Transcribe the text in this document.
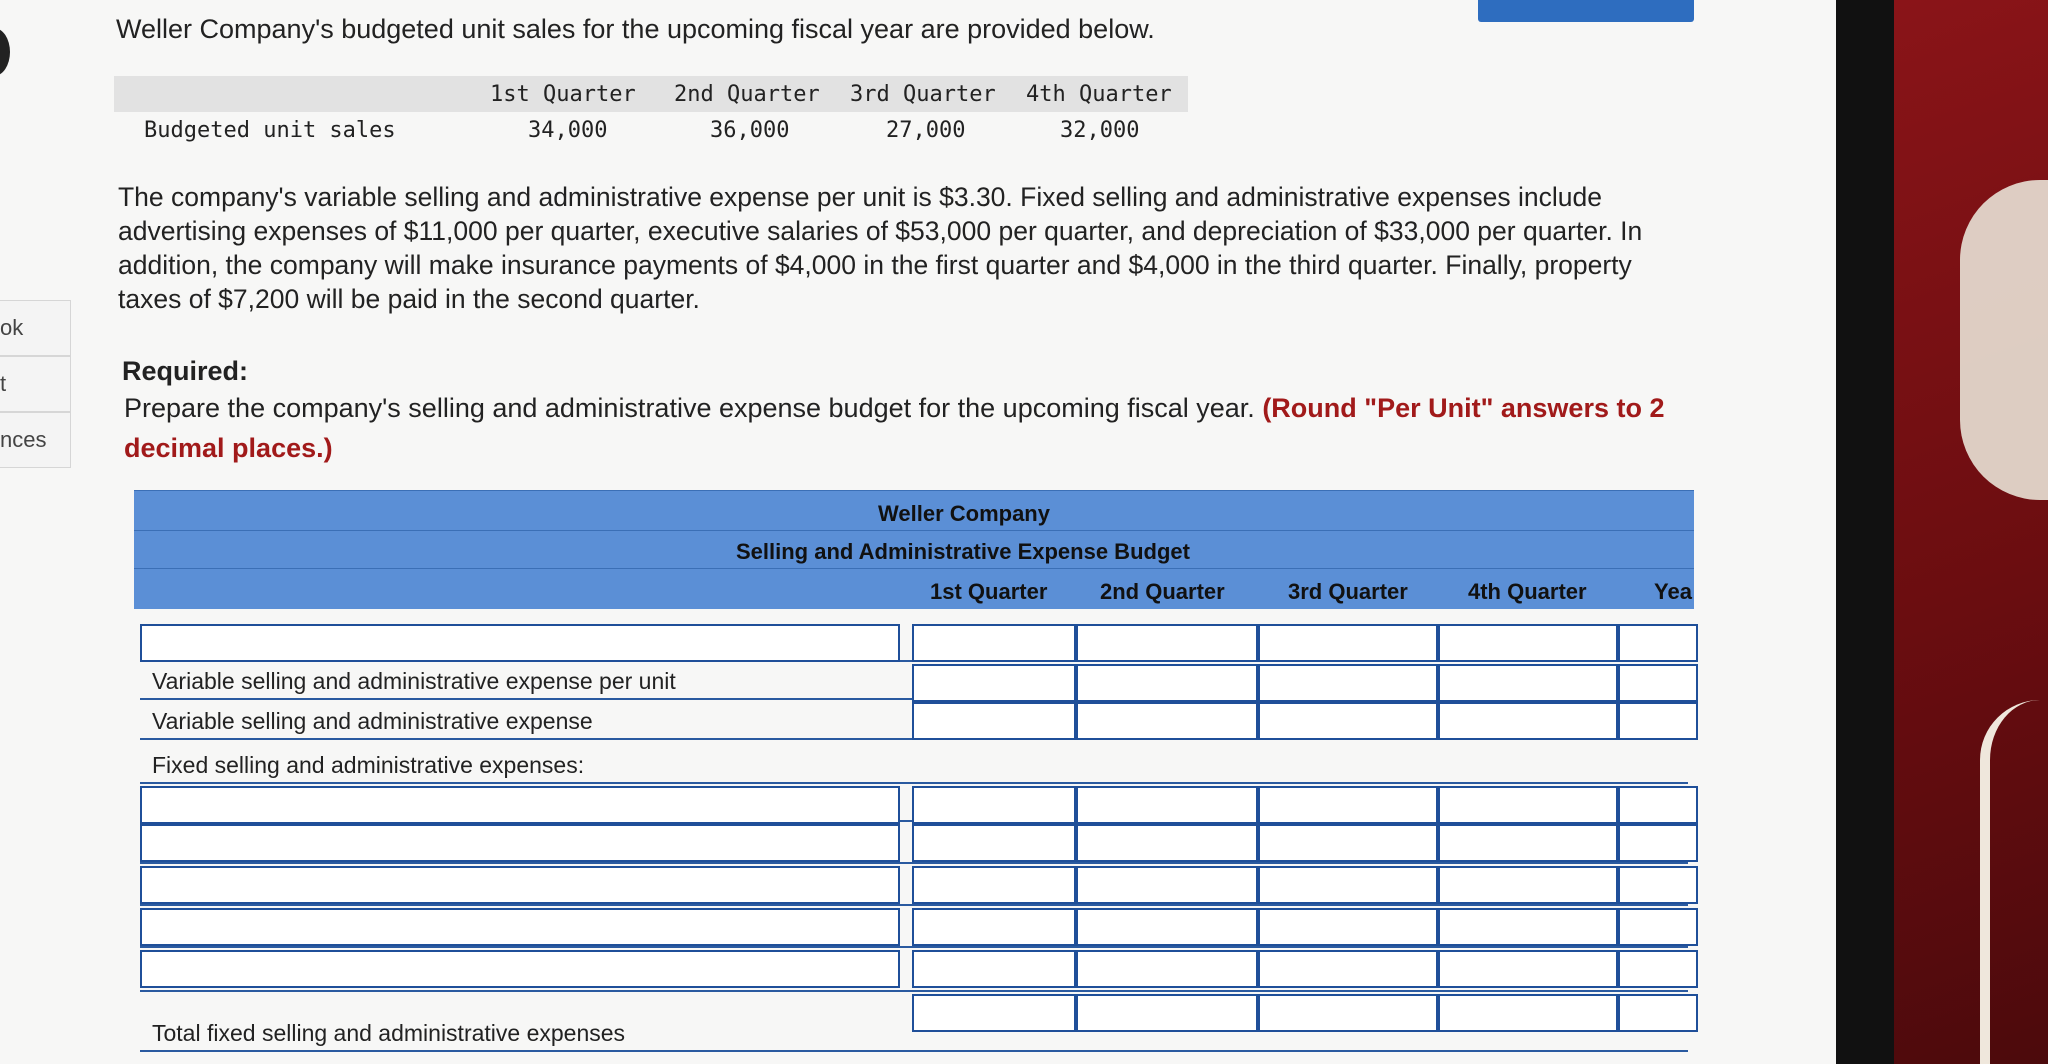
ok
t
nces
Weller Company's budgeted unit sales for the upcoming fiscal year are provided below.
1st Quarter 2nd Quarter 3rd Quarter 4th Quarter
Budgeted unit sales	34,000	36,000	27,000	32,000
The company's variable selling and administrative expense per unit is $3.30. Fixed selling and administrative expenses include advertising expenses of $11,000 per quarter, executive salaries of $53,000 per quarter, and depreciation of $33,000 per quarter. In addition, the company will make insurance payments of $4,000 in the first quarter and $4,000 in the third quarter. Finally, property taxes of $7,200 will be paid in the second quarter.
Required:
Prepare the company's selling and administrative expense budget for the upcoming fiscal year. (Round "Per Unit" answers to 2 decimal places.)
Weller Company
Selling and Administrative Expense Budget
1st Quarter 2nd Quarter	3rd Quarter	4th Quarter	Yea
Variable selling and administrative expense per unit
Variable selling and administrative expense
Fixed selling and administrative expenses:
Total fixed selling and administrative expenses
